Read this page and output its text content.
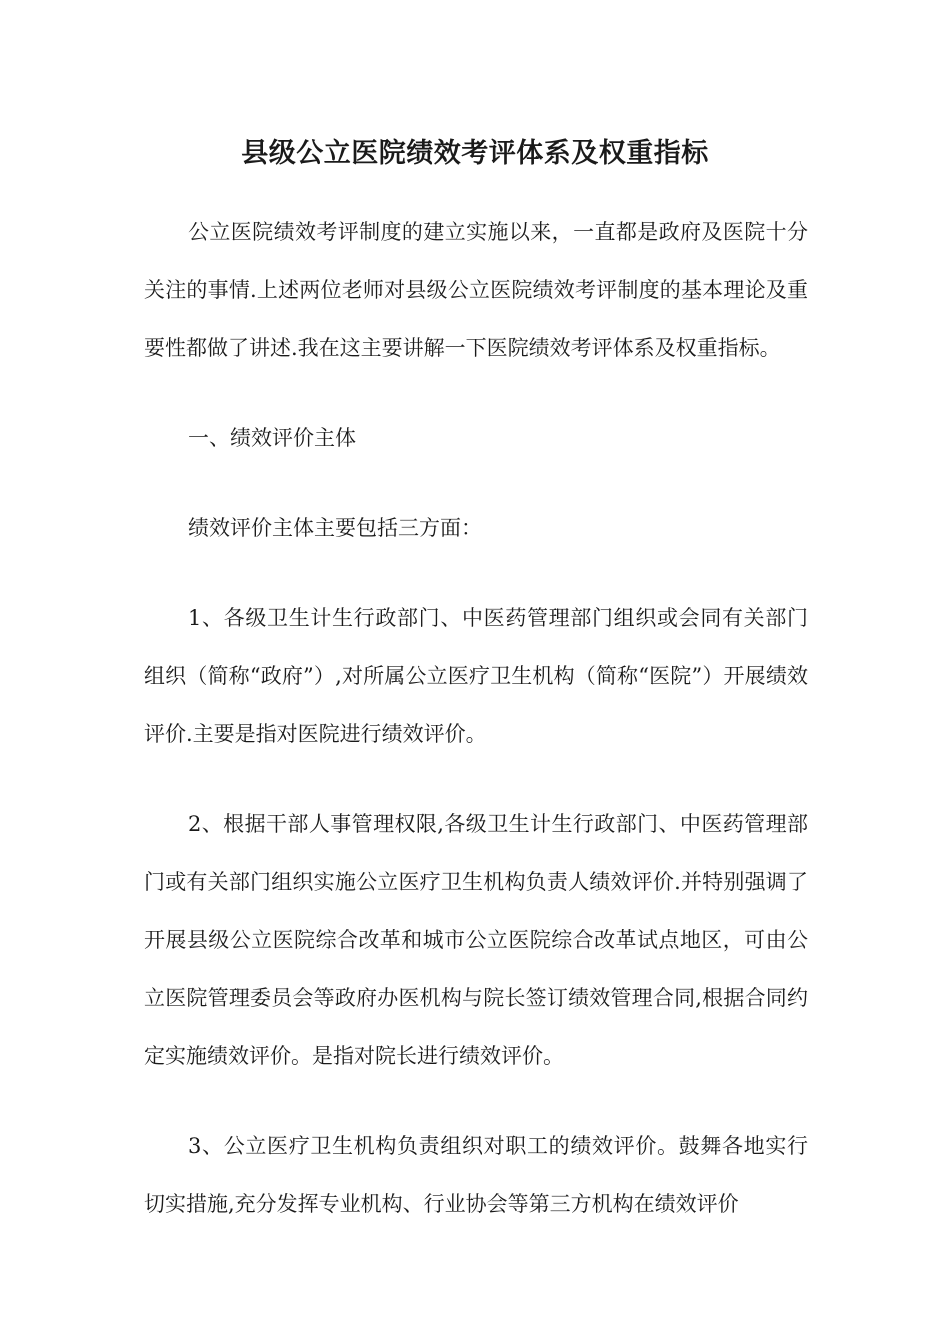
县级公立医院绩效考评体系及权重指标

公立医院绩效考评制度的建立实施以来，一直都是政府及医院十分关注的事情.上述两位老师对县级公立医院绩效考评制度的基本理论及重要性都做了讲述.我在这主要讲解一下医院绩效考评体系及权重指标。

一、绩效评价主体

绩效评价主体主要包括三方面：

1、各级卫生计生行政部门、中医药管理部门组织或会同有关部门组织（简称“政府”）,对所属公立医疗卫生机构（简称“医院”）开展绩效评价.主要是指对医院进行绩效评价。

2、根据干部人事管理权限,各级卫生计生行政部门、中医药管理部门或有关部门组织实施公立医疗卫生机构负责人绩效评价.并特别强调了开展县级公立医院综合改革和城市公立医院综合改革试点地区，可由公立医院管理委员会等政府办医机构与院长签订绩效管理合同,根据合同约定实施绩效评价。是指对院长进行绩效评价。

3、公立医疗卫生机构负责组织对职工的绩效评价。鼓舞各地实行切实措施,充分发挥专业机构、行业协会等第三方机构在绩效评价
